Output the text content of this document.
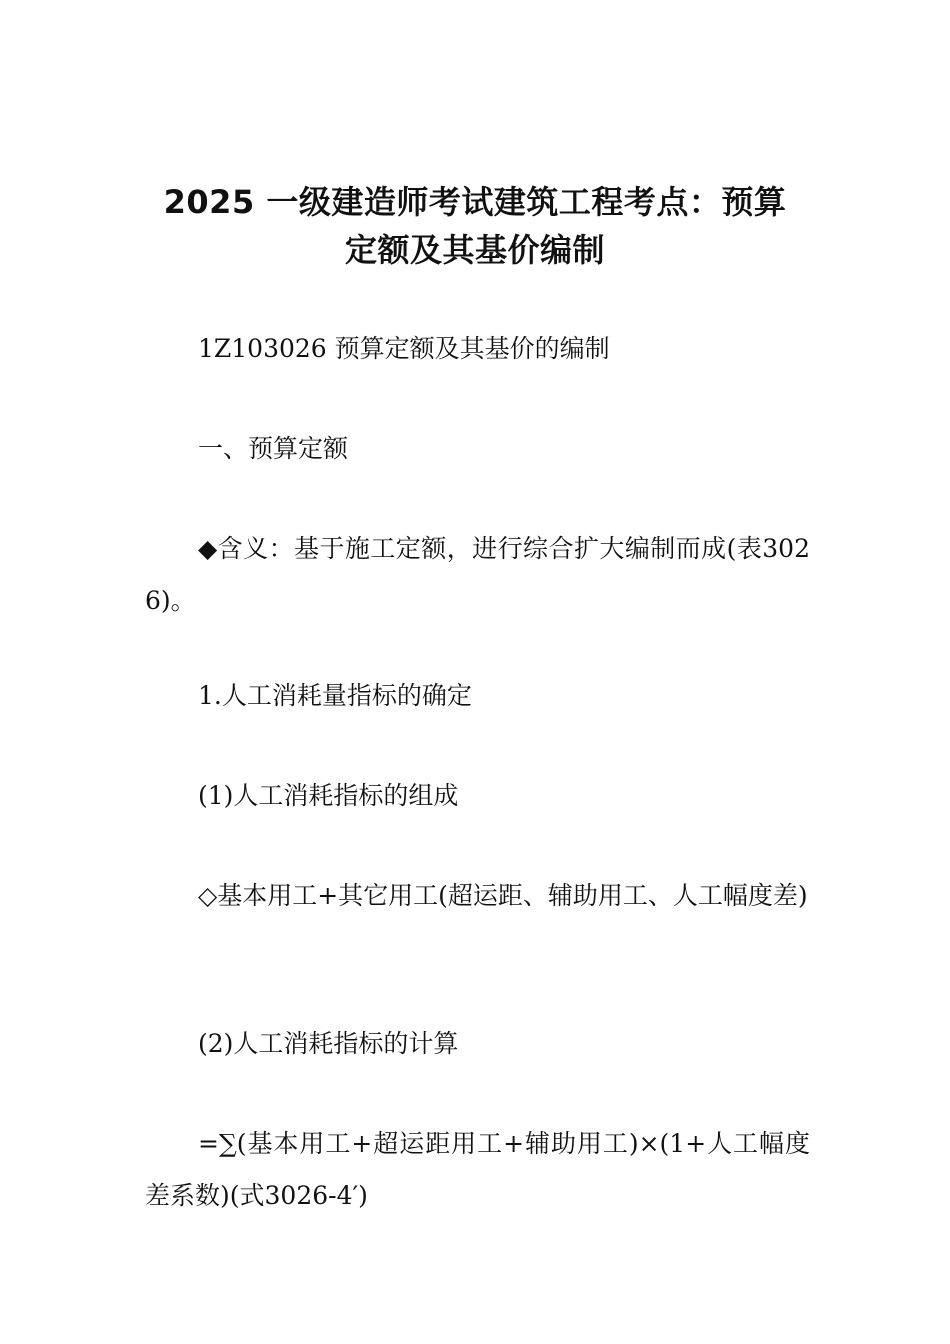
2025 一级建造师考试建筑工程考点：预算
定额及其基价编制

1Z103026 预算定额及其基价的编制

一、预算定额

◆含义：基于施工定额，进行综合扩大编制而成(表3026)。

1.人工消耗量指标的确定

(1)人工消耗指标的组成

◇基本用工+其它用工(超运距、辅助用工、人工幅度差)

(2)人工消耗指标的计算

=∑(基本用工+超运距用工+辅助用工)×(1+人工幅度差系数)(式3026-4′)
